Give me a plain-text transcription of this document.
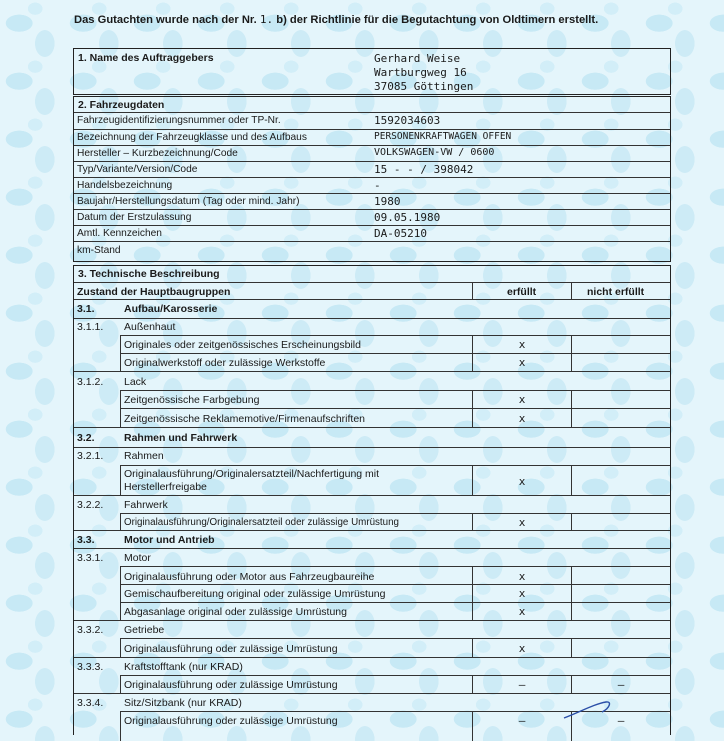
Das Gutachten wurde nach der Nr. 1. b) der Richtlinie für die Begutachtung von Oldtimern erstellt.
1. Name des Auftraggebers	Gerhard Weise
Wartburgweg 16
37085 Göttingen
2. Fahrzeugdaten
Fahrzeugidentifizierungsnummer oder TP-Nr.	1592034603
Bezeichnung der Fahrzeugklasse und des Aufbaus	PERSONENKRAFTWAGEN OFFEN
Hersteller – Kurzbezeichnung/Code	VOLKSWAGEN-VW / 0600
Typ/Variante/Version/Code	15 - - / 398042
Handelsbezeichnung	-
Baujahr/Herstellungsdatum (Tag oder mind. Jahr)	1980
Datum der Erstzulassung	09.05.1980
Amtl. Kennzeichen	DA-05210
km-Stand
3. Technische Beschreibung
Zustand der Hauptbaugruppen	erfüllt	nicht erfüllt
3.1.	Aufbau/Karosserie
3.1.1. Außenhaut
Originales oder zeitgenössisches Erscheinungsbild	x
Originalwerkstoff oder zulässige Werkstoffe	x
3.1.2. Lack
Zeitgenössische Farbgebung	x
Zeitgenössische Reklamemotive/Firmenaufschriften	x
3.2.	Rahmen und Fahrwerk
3.2.1. Rahmen
Originalausführung/Originalersatzteil/Nachfertigung mit
Herstellerfreigabe	x
3.2.2. Fahrwerk
Originalausführung/Originalersatzteil oder zulässige Umrüstung	x
3.3.	Motor und Antrieb
3.3.1. Motor
Originalausführung oder Motor aus Fahrzeugbaureihe	x
Gemischaufbereitung original oder zulässige Umrüstung	x
Abgasanlage original oder zulässige Umrüstung	x
3.3.2. Getriebe
Originalausführung oder zulässige Umrüstung	x
3.3.3. Kraftstofftank (nur KRAD)
Originalausführung oder zulässige Umrüstung	–	–
3.3.4. Sitz/Sitzbank (nur KRAD)
Originalausführung oder zulässige Umrüstung	–	–
